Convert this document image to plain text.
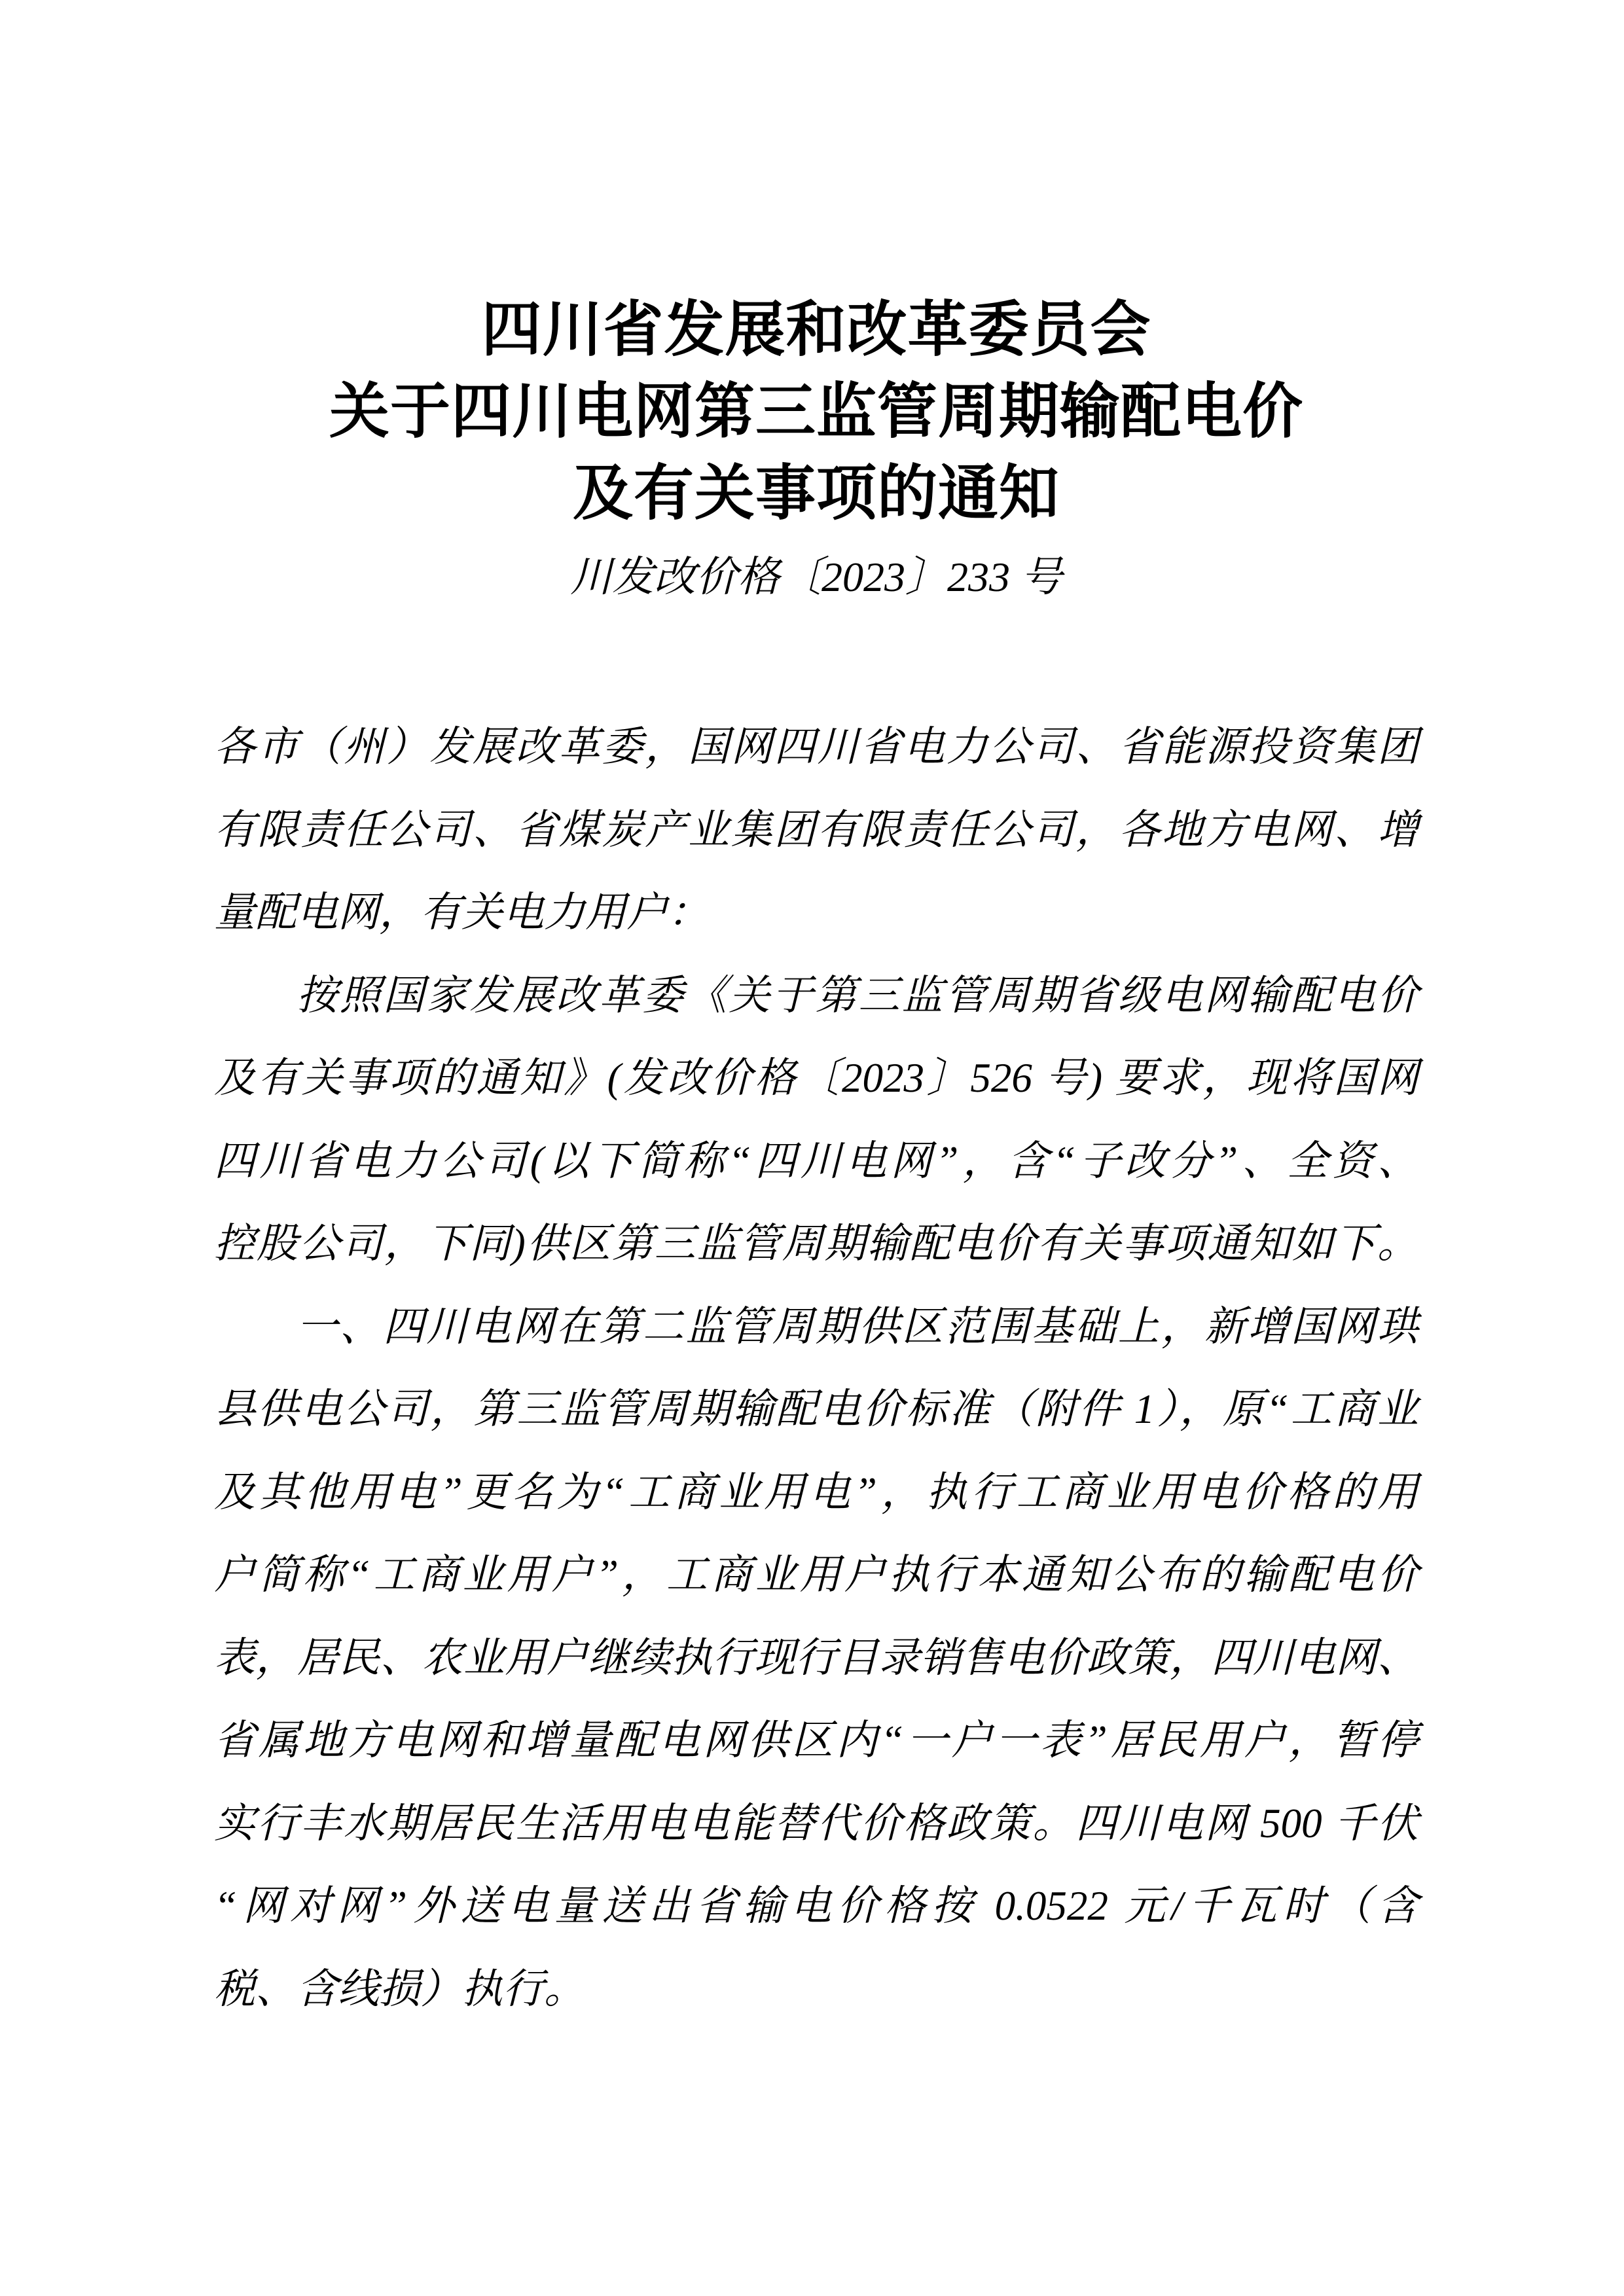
四川省发展和改革委员会
关于四川电网第三监管周期输配电价
及有关事项的通知
川发改价格〔2023〕233 号
各市（州）发展改革委，国网四川省电力公司、省能源投资集团
有限责任公司、省煤炭产业集团有限责任公司，各地方电网、增
量配电网，有关电力用户：
按照国家发展改革委《关于第三监管周期省级电网输配电价
及有关事项的通知》(发改价格〔2023〕526 号) 要求，现将国网
四川省电力公司(以下简称“四川电网”，含“子改分”、全资、
控股公司，下同)供区第三监管周期输配电价有关事项通知如下。
一、四川电网在第二监管周期供区范围基础上，新增国网珙
县供电公司，第三监管周期输配电价标准（附件 1），原“工商业
及其他用电”更名为“工商业用电”，执行工商业用电价格的用
户简称“工商业用户”，工商业用户执行本通知公布的输配电价
表，居民、农业用户继续执行现行目录销售电价政策，四川电网、
省属地方电网和增量配电网供区内“一户一表”居民用户，暂停
实行丰水期居民生活用电电能替代价格政策。四川电网 500 千伏
“网对网”外送电量送出省输电价格按 0.0522 元/千瓦时（含
税、含线损）执行。
